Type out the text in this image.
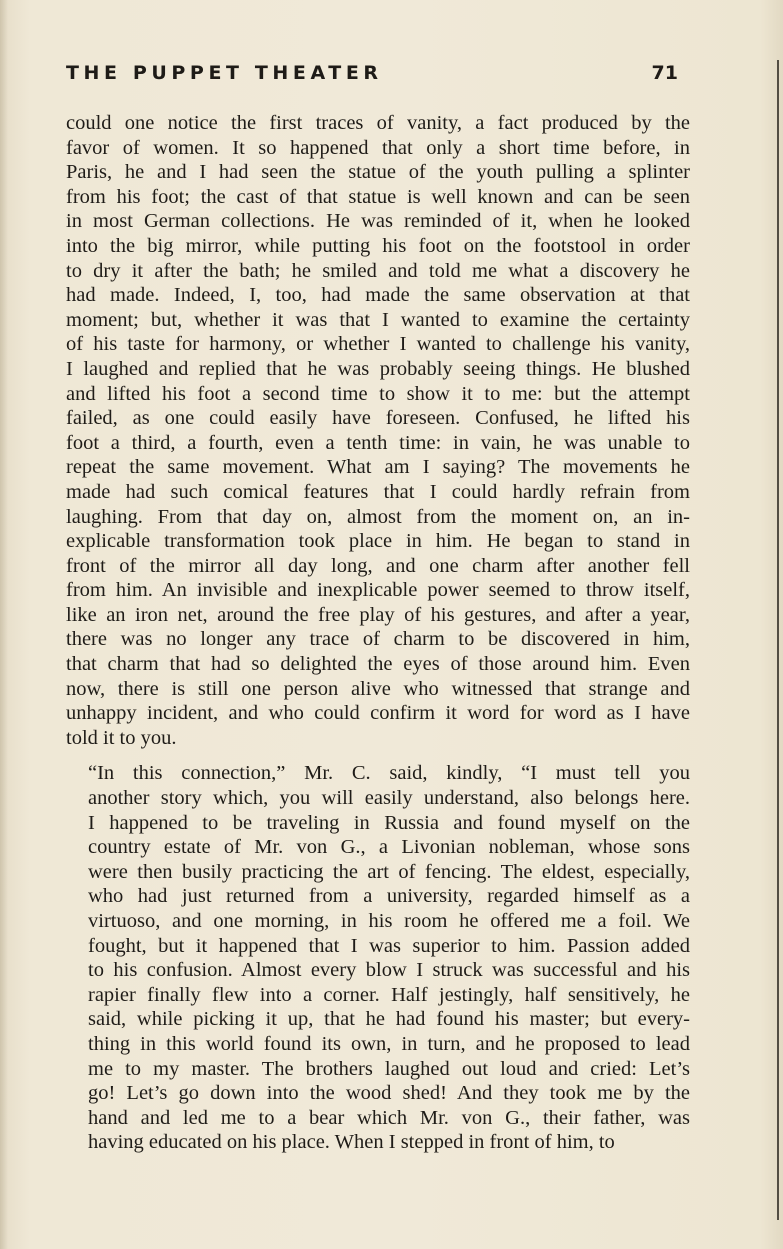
THE PUPPET THEATER	71
could one notice the first traces of vanity, a fact produced by the
favor of women. It so happened that only a short time before, in
Paris, he and I had seen the statue of the youth pulling a splinter
from his foot; the cast of that statue is well known and can be seen
in most German collections. He was reminded of it, when he looked
into the big mirror, while putting his foot on the footstool in order
to dry it after the bath; he smiled and told me what a discovery he
had made. Indeed, I, too, had made the same observation at that
moment; but, whether it was that I wanted to examine the certainty
of his taste for harmony, or whether I wanted to challenge his vanity,
I laughed and replied that he was probably seeing things. He blushed
and lifted his foot a second time to show it to me: but the attempt
failed, as one could easily have foreseen. Confused, he lifted his
foot a third, a fourth, even a tenth time: in vain, he was unable to
repeat the same movement. What am I saying? The movements he
made had such comical features that I could hardly refrain from
laughing. From that day on, almost from the moment on, an in-
explicable transformation took place in him. He began to stand in
front of the mirror all day long, and one charm after another fell
from him. An invisible and inexplicable power seemed to throw itself,
like an iron net, around the free play of his gestures, and after a year,
there was no longer any trace of charm to be discovered in him,
that charm that had so delighted the eyes of those around him. Even
now, there is still one person alive who witnessed that strange and
unhappy incident, and who could confirm it word for word as I have
told it to you.
“In this connection,” Mr. C. said, kindly, “I must tell you
another story which, you will easily understand, also belongs here.
I happened to be traveling in Russia and found myself on the
country estate of Mr. von G., a Livonian nobleman, whose sons
were then busily practicing the art of fencing. The eldest, especially,
who had just returned from a university, regarded himself as a
virtuoso, and one morning, in his room he offered me a foil. We
fought, but it happened that I was superior to him. Passion added
to his confusion. Almost every blow I struck was successful and his
rapier finally flew into a corner. Half jestingly, half sensitively, he
said, while picking it up, that he had found his master; but every-
thing in this world found its own, in turn, and he proposed to lead
me to my master. The brothers laughed out loud and cried: Let’s
go! Let’s go down into the wood shed! And they took me by the
hand and led me to a bear which Mr. von G., their father, was
having educated on his place. When I stepped in front of him, to
